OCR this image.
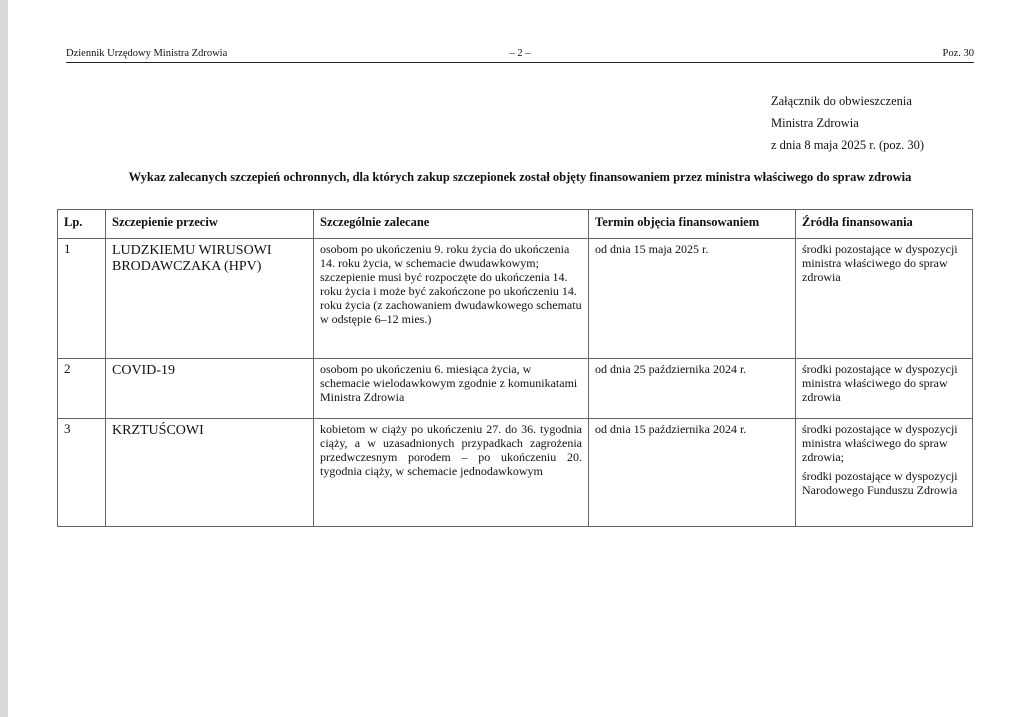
Dziennik Urzędowy Ministra Zdrowia	– 2 –	Poz. 30
Załącznik do obwieszczenia
Ministra Zdrowia
z dnia 8 maja 2025 r. (poz. 30)
Wykaz zalecanych szczepień ochronnych, dla których zakup szczepionek został objęty finansowaniem przez ministra właściwego do spraw zdrowia
Lp.	Szczepienie przeciw	Szczególnie zalecane	Termin objęcia finansowaniem	Źródła finansowania
1	LUDZKIEMU WIRUSOWI BRODAWCZAKA (HPV)	osobom po ukończeniu 9. roku życia do ukończenia 14. roku życia, w schemacie dwudawkowym;
szczepienie musi być rozpoczęte do ukończenia 14. roku życia i może być zakończone po ukończeniu 14. roku życia (z zachowaniem dwudawkowego schematu w odstępie 6–12 mies.)	od dnia 15 maja 2025 r.	środki pozostające w dyspozycji ministra właściwego do spraw zdrowia

2	COVID-19	osobom po ukończeniu 6. miesiąca życia, w schemacie wielodawkowym zgodnie z komunikatami Ministra Zdrowia	od dnia 25 października 2024 r.	środki pozostające w dyspozycji ministra właściwego do spraw zdrowia

3	KRZTUŚCOWI	kobietom w ciąży po ukończeniu 27. do 36. tygodnia ciąży, a w uzasadnionych przypadkach zagrożenia przedwczesnym porodem – po ukończeniu 20. tygodnia ciąży, w schemacie jednodawkowym	od dnia 15 października 2024 r.	środki pozostające w dyspozycji ministra właściwego do spraw zdrowia;
środki pozostające w dyspozycji Narodowego Funduszu Zdrowia
